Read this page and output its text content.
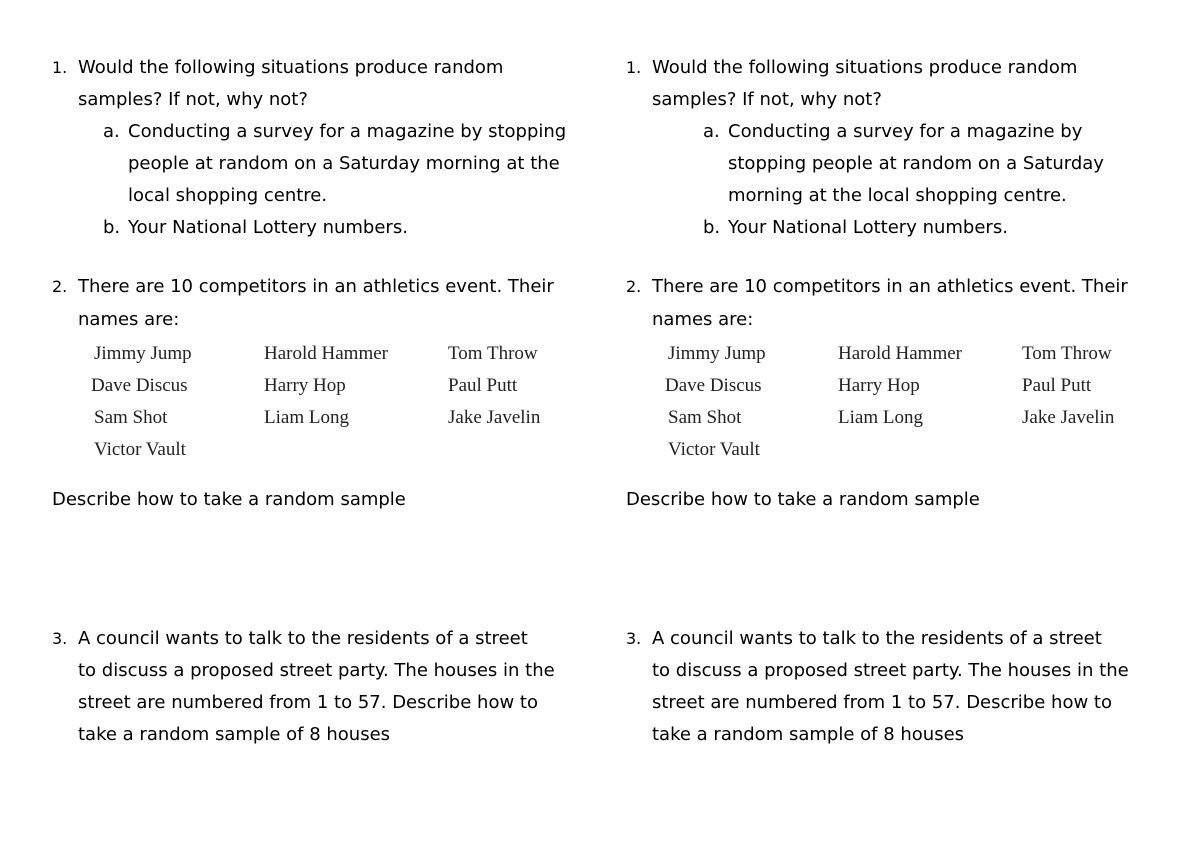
1. Would the following situations produce random
samples? If not, why not?
a. Conducting a survey for a magazine by stopping
people at random on a Saturday morning at the
local shopping centre.
b. Your National Lottery numbers.
2. There are 10 competitors in an athletics event. Their
names are:
Jimmy Jump	Harold Hammer	Tom Throw
Dave Discus	Harry Hop	Paul Putt
Sam Shot	Liam Long	Jake Javelin
Victor Vault
Describe how to take a random sample
3. A council wants to talk to the residents of a street
to discuss a proposed street party. The houses in the
street are numbered from 1 to 57. Describe how to
take a random sample of 8 houses
1. Would the following situations produce random
samples? If not, why not?
a. Conducting a survey for a magazine by
stopping people at random on a Saturday
morning at the local shopping centre.
b. Your National Lottery numbers.
2. There are 10 competitors in an athletics event. Their
names are:
Jimmy Jump	Harold Hammer	Tom Throw
Dave Discus	Harry Hop	Paul Putt
Sam Shot	Liam Long	Jake Javelin
Victor Vault
Describe how to take a random sample
3. A council wants to talk to the residents of a street
to discuss a proposed street party. The houses in the
street are numbered from 1 to 57. Describe how to
take a random sample of 8 houses
